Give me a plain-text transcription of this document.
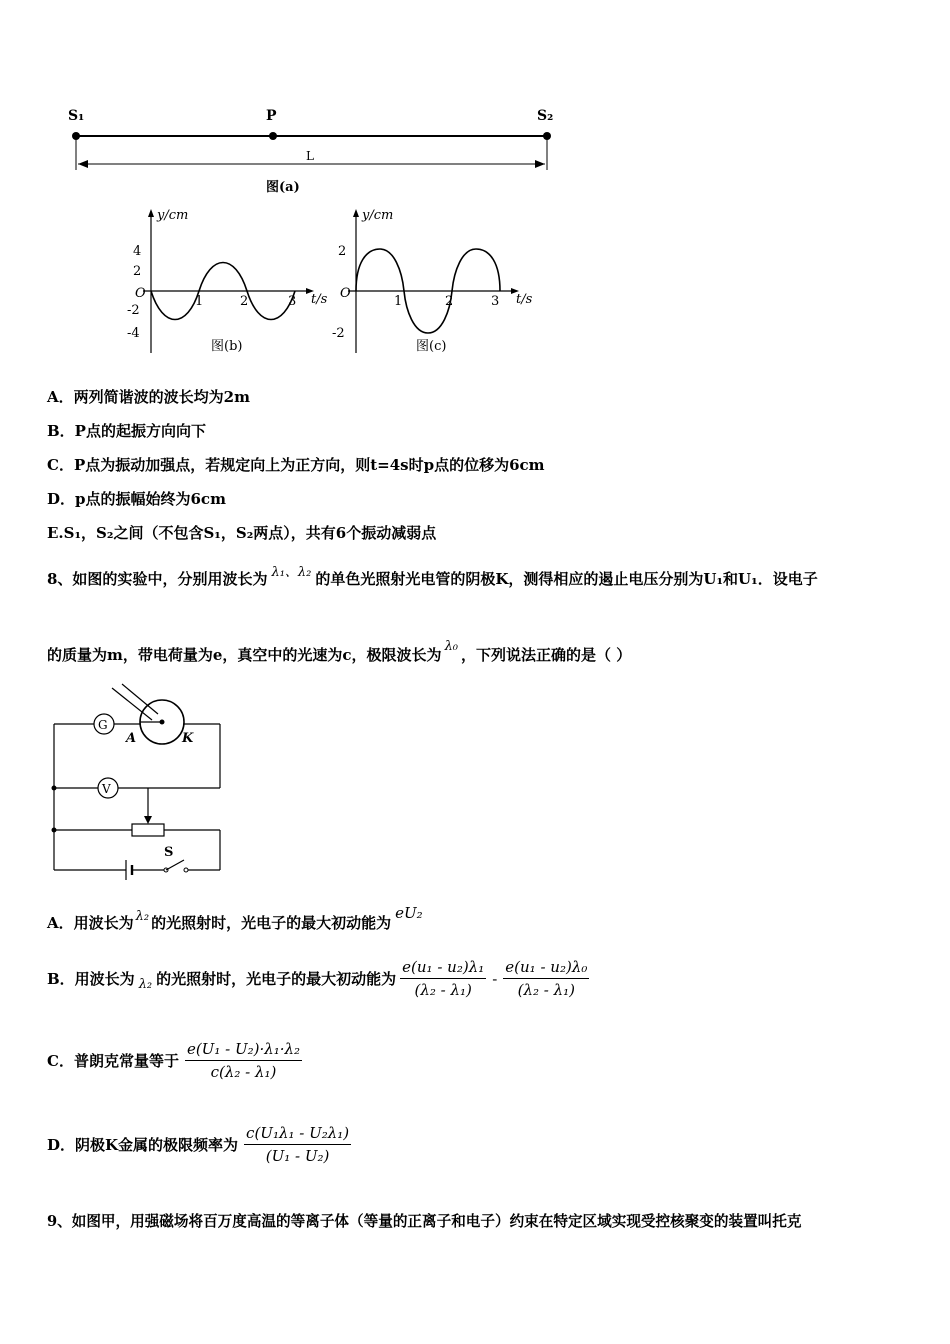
S₁	P	S₂
L
图(a)
y/cm
t/s
O
4
2
-2
-4
1	2	3
图(b)
y/cm
t/s
O
2
-2
1	2	3
图(c)
A．两列简谐波的波长均为2m
B．P点的起振方向向下
C．P点为振动加强点，若规定向上为正方向，则t=4s时p点的位移为6cm
D．p点的振幅始终为6cm
E.S₁，S₂之间（不包含S₁，S₂两点），共有6个振动减弱点
8、如图的实验中，分别用波长为 λ₁、λ₂ 的单色光照射光电管的阴极K，测得相应的遏止电压分别为U₁和U₁．设电子
的质量为m，带电荷量为e，真空中的光速为c，极限波长为 λ₀ ，下列说法正确的是（ ）
A	K
G
V
S
A．用波长为 λ₂ 的光照射时，光电子的最大初动能为eU₂
B．用波长为 λ₂ 的光照射时，光电子的最大初动能为 $\frac{\text{e(u₁ - u₂)λ₁}}{\text{(λ₂ - λ₁)}} - \frac{\text{e(u₁ - u₂)λ₀}}{\text{(λ₂ - λ₁)}}$
C．普朗克常量等于 $\frac{\text{e(U₁ - U₂)·λ₁·λ₂}}{\text{c(λ₂ - λ₁)}}$
D．阴极K金属的极限频率为 $\frac{\text{c(U₁λ₁ - U₂λ₁)}}{\text{(U₁ - U₂)}}$
9、如图甲，用强磁场将百万度高温的等离子体（等量的正离子和电子）约束在特定区域实现受控核聚变的装置叫托克
